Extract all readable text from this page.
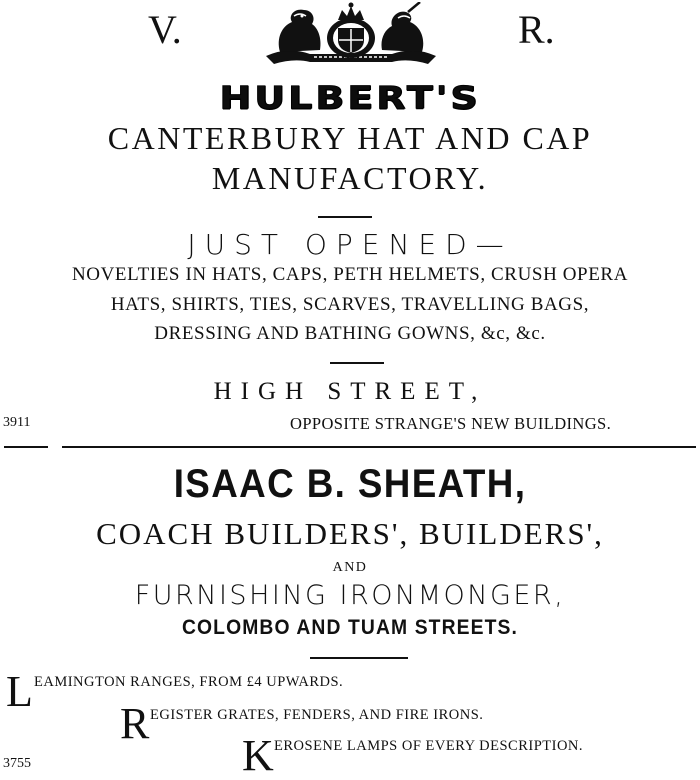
V.	R.
HULBERT'S
CANTERBURY HAT AND CAP
MANUFACTORY.
JUST OPENED—
NOVELTIES IN HATS, CAPS, PETH HELMETS, CRUSH OPERA
HATS, SHIRTS, TIES, SCARVES, TRAVELLING BAGS,
DRESSING AND BATHING GOWNS, &c, &c.
HIGH STREET,
3911	OPPOSITE STRANGE'S NEW BUILDINGS.
ISAAC B. SHEATH,
COACH BUILDERS', BUILDERS',
AND
FURNISHING IRONMONGER,
COLOMBO AND TUAM STREETS.
L EAMINGTON RANGES, FROM £4 UPWARDS.
R EGISTER GRATES, FENDERS, AND FIRE IRONS.
K EROSENE LAMPS OF EVERY DESCRIPTION.
3755
